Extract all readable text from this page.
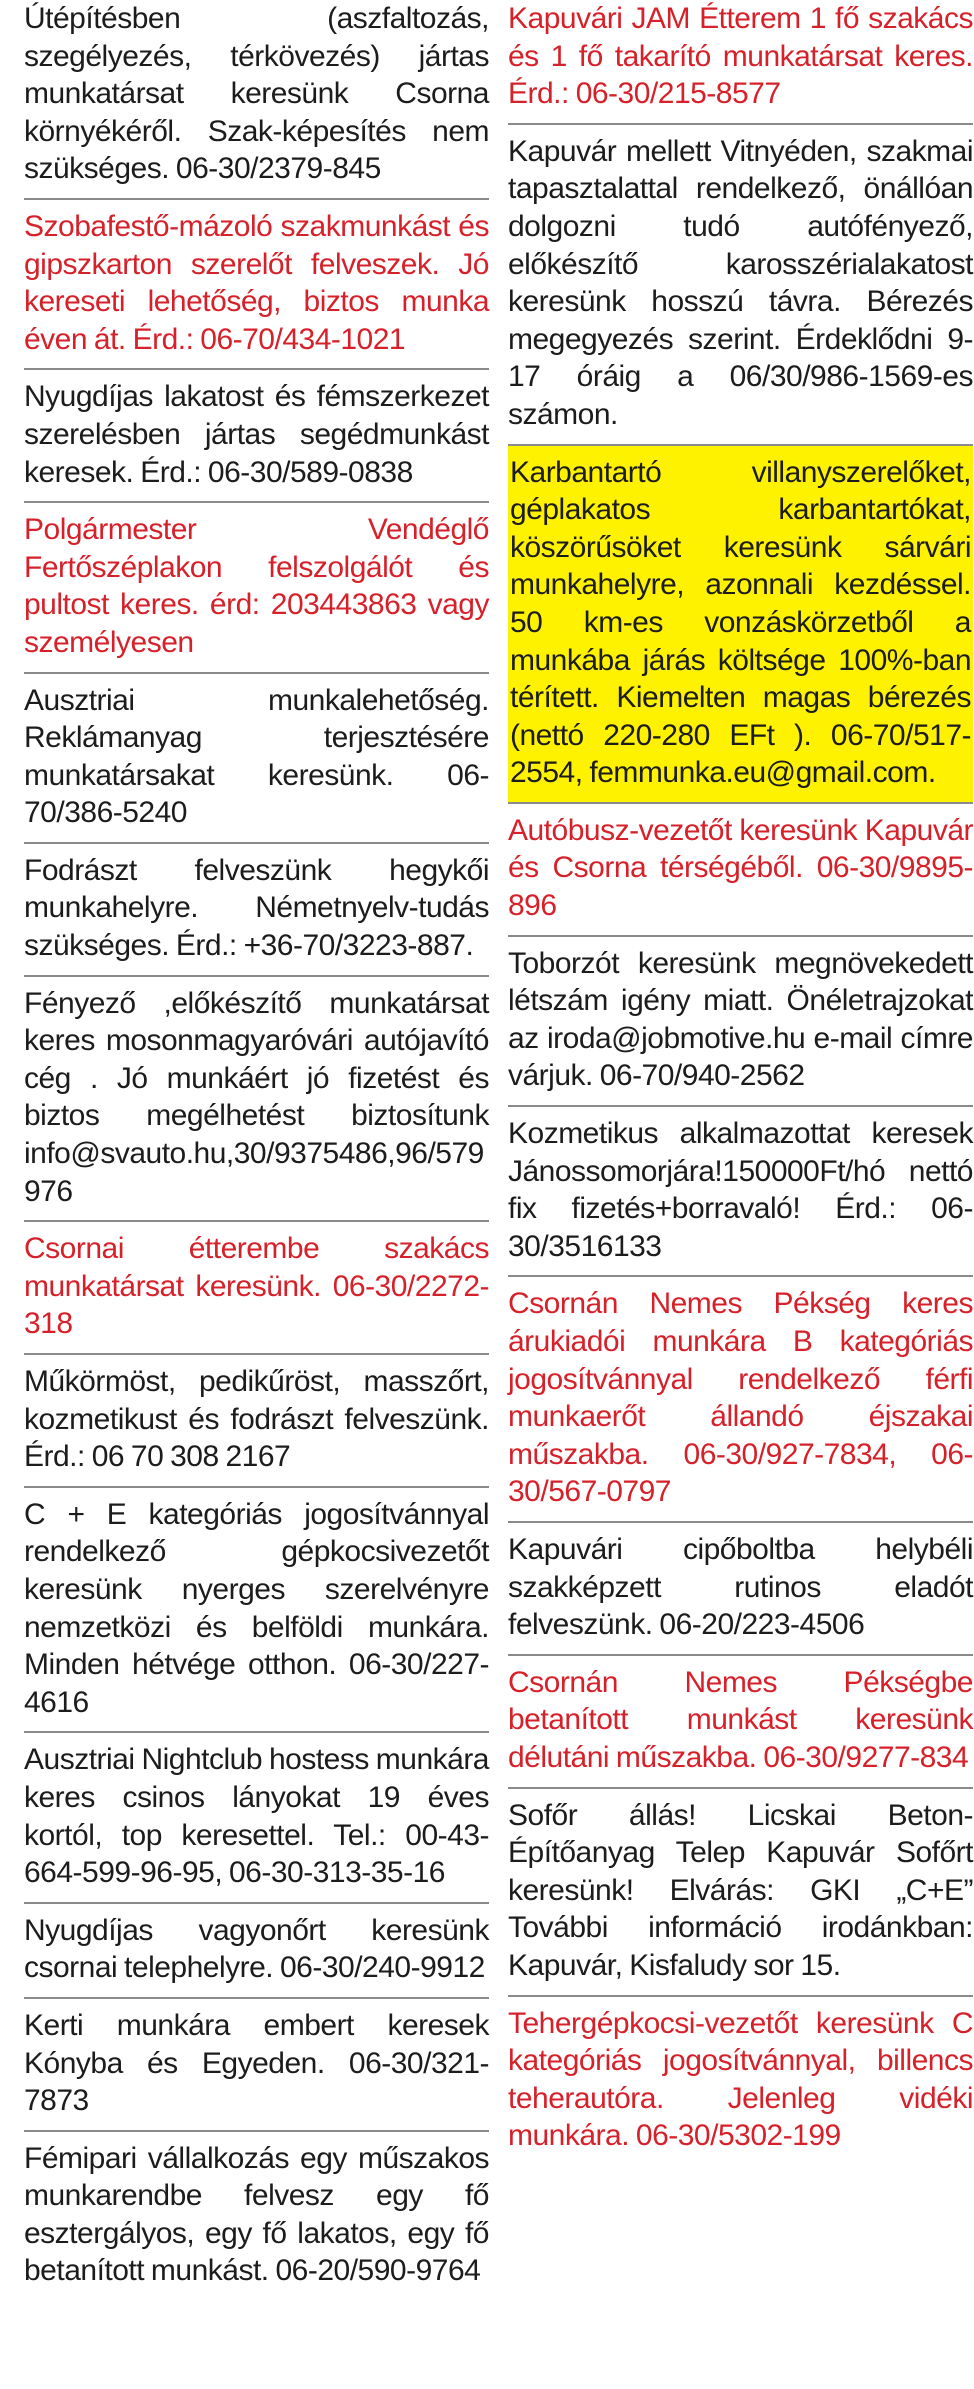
Útépítésben (aszfaltozás, szegélyezés, térkövezés) jártas munkatársat keresünk Csorna környékéről. Szak-képesítés nem szükséges. 06-30/2379-845
Szobafestő-mázoló szakmunkást és gipszkarton szerelőt felveszek. Jó kereseti lehetőség, biztos munka éven át. Érd.: 06-70/434-1021
Nyugdíjas lakatost és fémszerkezet szerelésben jártas segédmunkást keresek. Érd.: 06-30/589-0838
Polgármester Vendéglő Fertőszéplakon felszolgálót és pultost keres. érd: 203443863 vagy személyesen
Ausztriai munkalehetőség. Reklámanyag terjesztésére munkatársakat keresünk. 06-70/386-5240
Fodrászt felveszünk hegykői munkahelyre. Németnyelv-tudás szükséges. Érd.: +36-70/3223-887.
Fényező ,előkészítő munkatársat keres mosonmagyaróvári autójavító cég . Jó munkáért jó fizetést és biztos megélhetést biztosítunk info@svauto.hu,30/9375486,96/579 976
Csornai étterembe szakács munkatársat keresünk. 06-30/2272-318
Műkörmöst, pedikűröst, masszőrt, kozmetikust és fodrászt felveszünk. Érd.: 06 70 308 2167
C + E kategóriás jogosítvánnyal rendelkező gépkocsivezetőt keresünk nyerges szerelvényre nemzetközi és belföldi munkára. Minden hétvége otthon. 06-30/227-4616
Ausztriai Nightclub hostess munkára keres csinos lányokat 19 éves kortól, top keresettel. Tel.: 00-43-664-599-96-95, 06-30-313-35-16
Nyugdíjas vagyonőrt keresünk csornai telephelyre. 06-30/240-9912
Kerti munkára embert keresek Kónyba és Egyeden. 06-30/321-7873
Fémipari vállalkozás egy műszakos munkarendbe felvesz egy fő esztergályos, egy fő lakatos, egy fő betanított munkást. 06-20/590-9764
Kapuvári JAM Étterem 1 fő szakács és 1 fő takarító munkatársat keres. Érd.: 06-30/215-8577
Kapuvár mellett Vitnyéden, szakmai tapasztalattal rendelkező, önállóan dolgozni tudó autófényező, előkészítő karosszérialakatost keresünk hosszú távra. Bérezés megegyezés szerint. Érdeklődni 9-17 óráig a 06/30/986-1569-es számon.
Karbantartó villanyszerelőket, géplakatos karbantartókat, köszörűsöket keresünk sárvári munkahelyre, azonnali kezdéssel. 50 km-es vonzáskörzetből a munkába járás költsége 100%-ban térített. Kiemelten magas bérezés (nettó 220-280 EFt ). 06-70/517-2554, femmunka.eu@gmail.com.
Autóbusz-vezetőt keresünk Kapuvár és Csorna térségéből. 06-30/9895-896
Toborzót keresünk megnövekedett létszám igény miatt. Önéletrajzokat az iroda@jobmotive.hu e-mail címre várjuk. 06-70/940-2562
Kozmetikus alkalmazottat keresek Jánossomorjára!150000Ft/hó nettó fix fizetés+borravaló! Érd.: 06-30/3516133
Csornán Nemes Pékség keres árukiadói munkára B kategóriás jogosítvánnyal rendelkező férfi munkaerőt állandó éjszakai műszakba. 06-30/927-7834, 06-30/567-0797
Kapuvári cipőboltba helybéli szakképzett rutinos eladót felveszünk. 06-20/223-4506
Csornán Nemes Pékségbe betanított munkást keresünk délutáni műszakba. 06-30/9277-834
Sofőr állás! Licskai Beton- Építőanyag Telep Kapuvár Sofőrt keresünk! Elvárás: GKI „C+E” További információ irodánkban: Kapuvár, Kisfaludy sor 15.
Tehergépkocsi-vezetőt keresünk C kategóriás jogosítvánnyal, billencs teherautóra. Jelenleg vidéki munkára. 06-30/5302-199
